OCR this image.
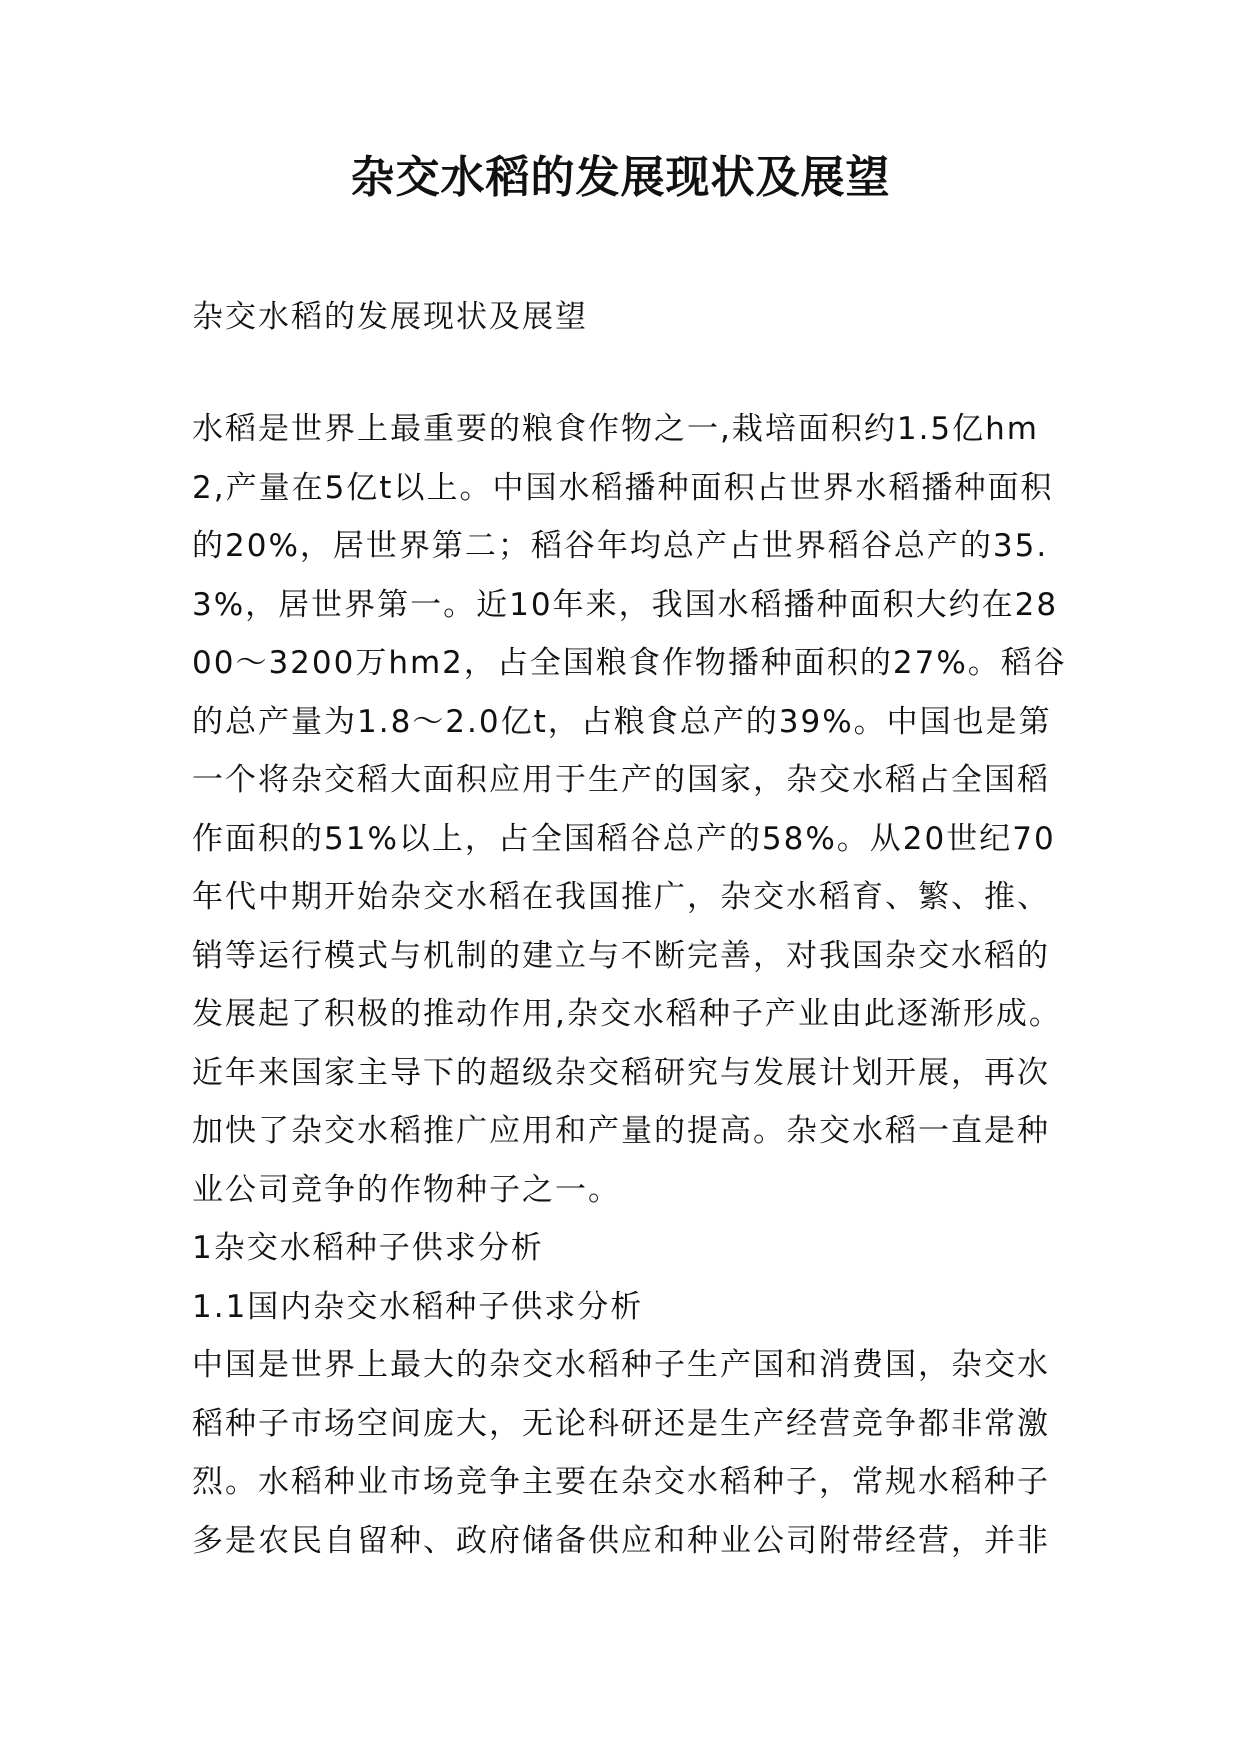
杂交水稻的发展现状及展望

杂交水稻的发展现状及展望

水稻是世界上最重要的粮食作物之一,栽培面积约1.5亿hm2,产量在5亿t以上。中国水稻播种面积占世界水稻播种面积的20%，居世界第二；稻谷年均总产占世界稻谷总产的35.3%，居世界第一。近10年来，我国水稻播种面积大约在2800～3200万hm2，占全国粮食作物播种面积的27%。稻谷的总产量为1.8～2.0亿t，占粮食总产的39%。中国也是第一个将杂交稻大面积应用于生产的国家，杂交水稻占全国稻作面积的51%以上，占全国稻谷总产的58%。从20世纪70年代中期开始杂交水稻在我国推广，杂交水稻育、繁、推、销等运行模式与机制的建立与不断完善，对我国杂交水稻的发展起了积极的推动作用,杂交水稻种子产业由此逐渐形成。近年来国家主导下的超级杂交稻研究与发展计划开展，再次加快了杂交水稻推广应用和产量的提高。杂交水稻一直是种业公司竞争的作物种子之一。

1杂交水稻种子供求分析

1.1国内杂交水稻种子供求分析

中国是世界上最大的杂交水稻种子生产国和消费国，杂交水稻种子市场空间庞大，无论科研还是生产经营竞争都非常激烈。水稻种业市场竞争主要在杂交水稻种子，常规水稻种子多是农民自留种、政府储备供应和种业公司附带经营，并非
